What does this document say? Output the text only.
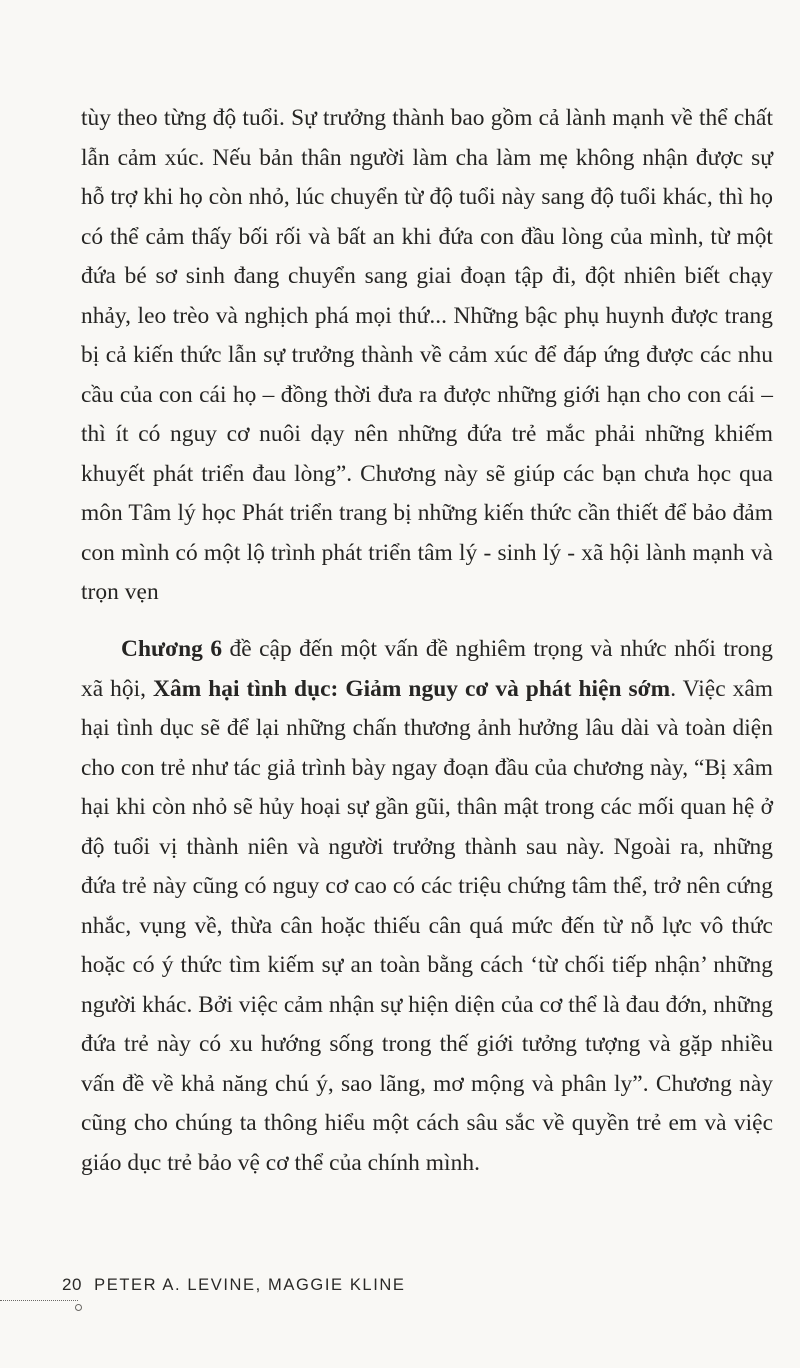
tùy theo từng độ tuổi. Sự trưởng thành bao gồm cả lành mạnh về thể chất lẫn cảm xúc. Nếu bản thân người làm cha làm mẹ không nhận được sự hỗ trợ khi họ còn nhỏ, lúc chuyển từ độ tuổi này sang độ tuổi khác, thì họ có thể cảm thấy bối rối và bất an khi đứa con đầu lòng của mình, từ một đứa bé sơ sinh đang chuyển sang giai đoạn tập đi, đột nhiên biết chạy nhảy, leo trèo và nghịch phá mọi thứ... Những bậc phụ huynh được trang bị cả kiến thức lẫn sự trưởng thành về cảm xúc để đáp ứng được các nhu cầu của con cái họ – đồng thời đưa ra được những giới hạn cho con cái – thì ít có nguy cơ nuôi dạy nên những đứa trẻ mắc phải những khiếm khuyết phát triển đau lòng”. Chương này sẽ giúp các bạn chưa học qua môn Tâm lý học Phát triển trang bị những kiến thức cần thiết để bảo đảm con mình có một lộ trình phát triển tâm lý - sinh lý - xã hội lành mạnh và trọn vẹn

Chương 6 đề cập đến một vấn đề nghiêm trọng và nhức nhối trong xã hội, Xâm hại tình dục: Giảm nguy cơ và phát hiện sớm. Việc xâm hại tình dục sẽ để lại những chấn thương ảnh hưởng lâu dài và toàn diện cho con trẻ như tác giả trình bày ngay đoạn đầu của chương này, “Bị xâm hại khi còn nhỏ sẽ hủy hoại sự gần gũi, thân mật trong các mối quan hệ ở độ tuổi vị thành niên và người trưởng thành sau này. Ngoài ra, những đứa trẻ này cũng có nguy cơ cao có các triệu chứng tâm thể, trở nên cứng nhắc, vụng về, thừa cân hoặc thiếu cân quá mức đến từ nỗ lực vô thức hoặc có ý thức tìm kiếm sự an toàn bằng cách ‘từ chối tiếp nhận’ những người khác. Bởi việc cảm nhận sự hiện diện của cơ thể là đau đớn, những đứa trẻ này có xu hướng sống trong thế giới tưởng tượng và gặp nhiều vấn đề về khả năng chú ý, sao lãng, mơ mộng và phân ly”. Chương này cũng cho chúng ta thông hiểu một cách sâu sắc về quyền trẻ em và việc giáo dục trẻ bảo vệ cơ thể của chính mình.

20 PETER A. LEVINE, MAGGIE KLINE
